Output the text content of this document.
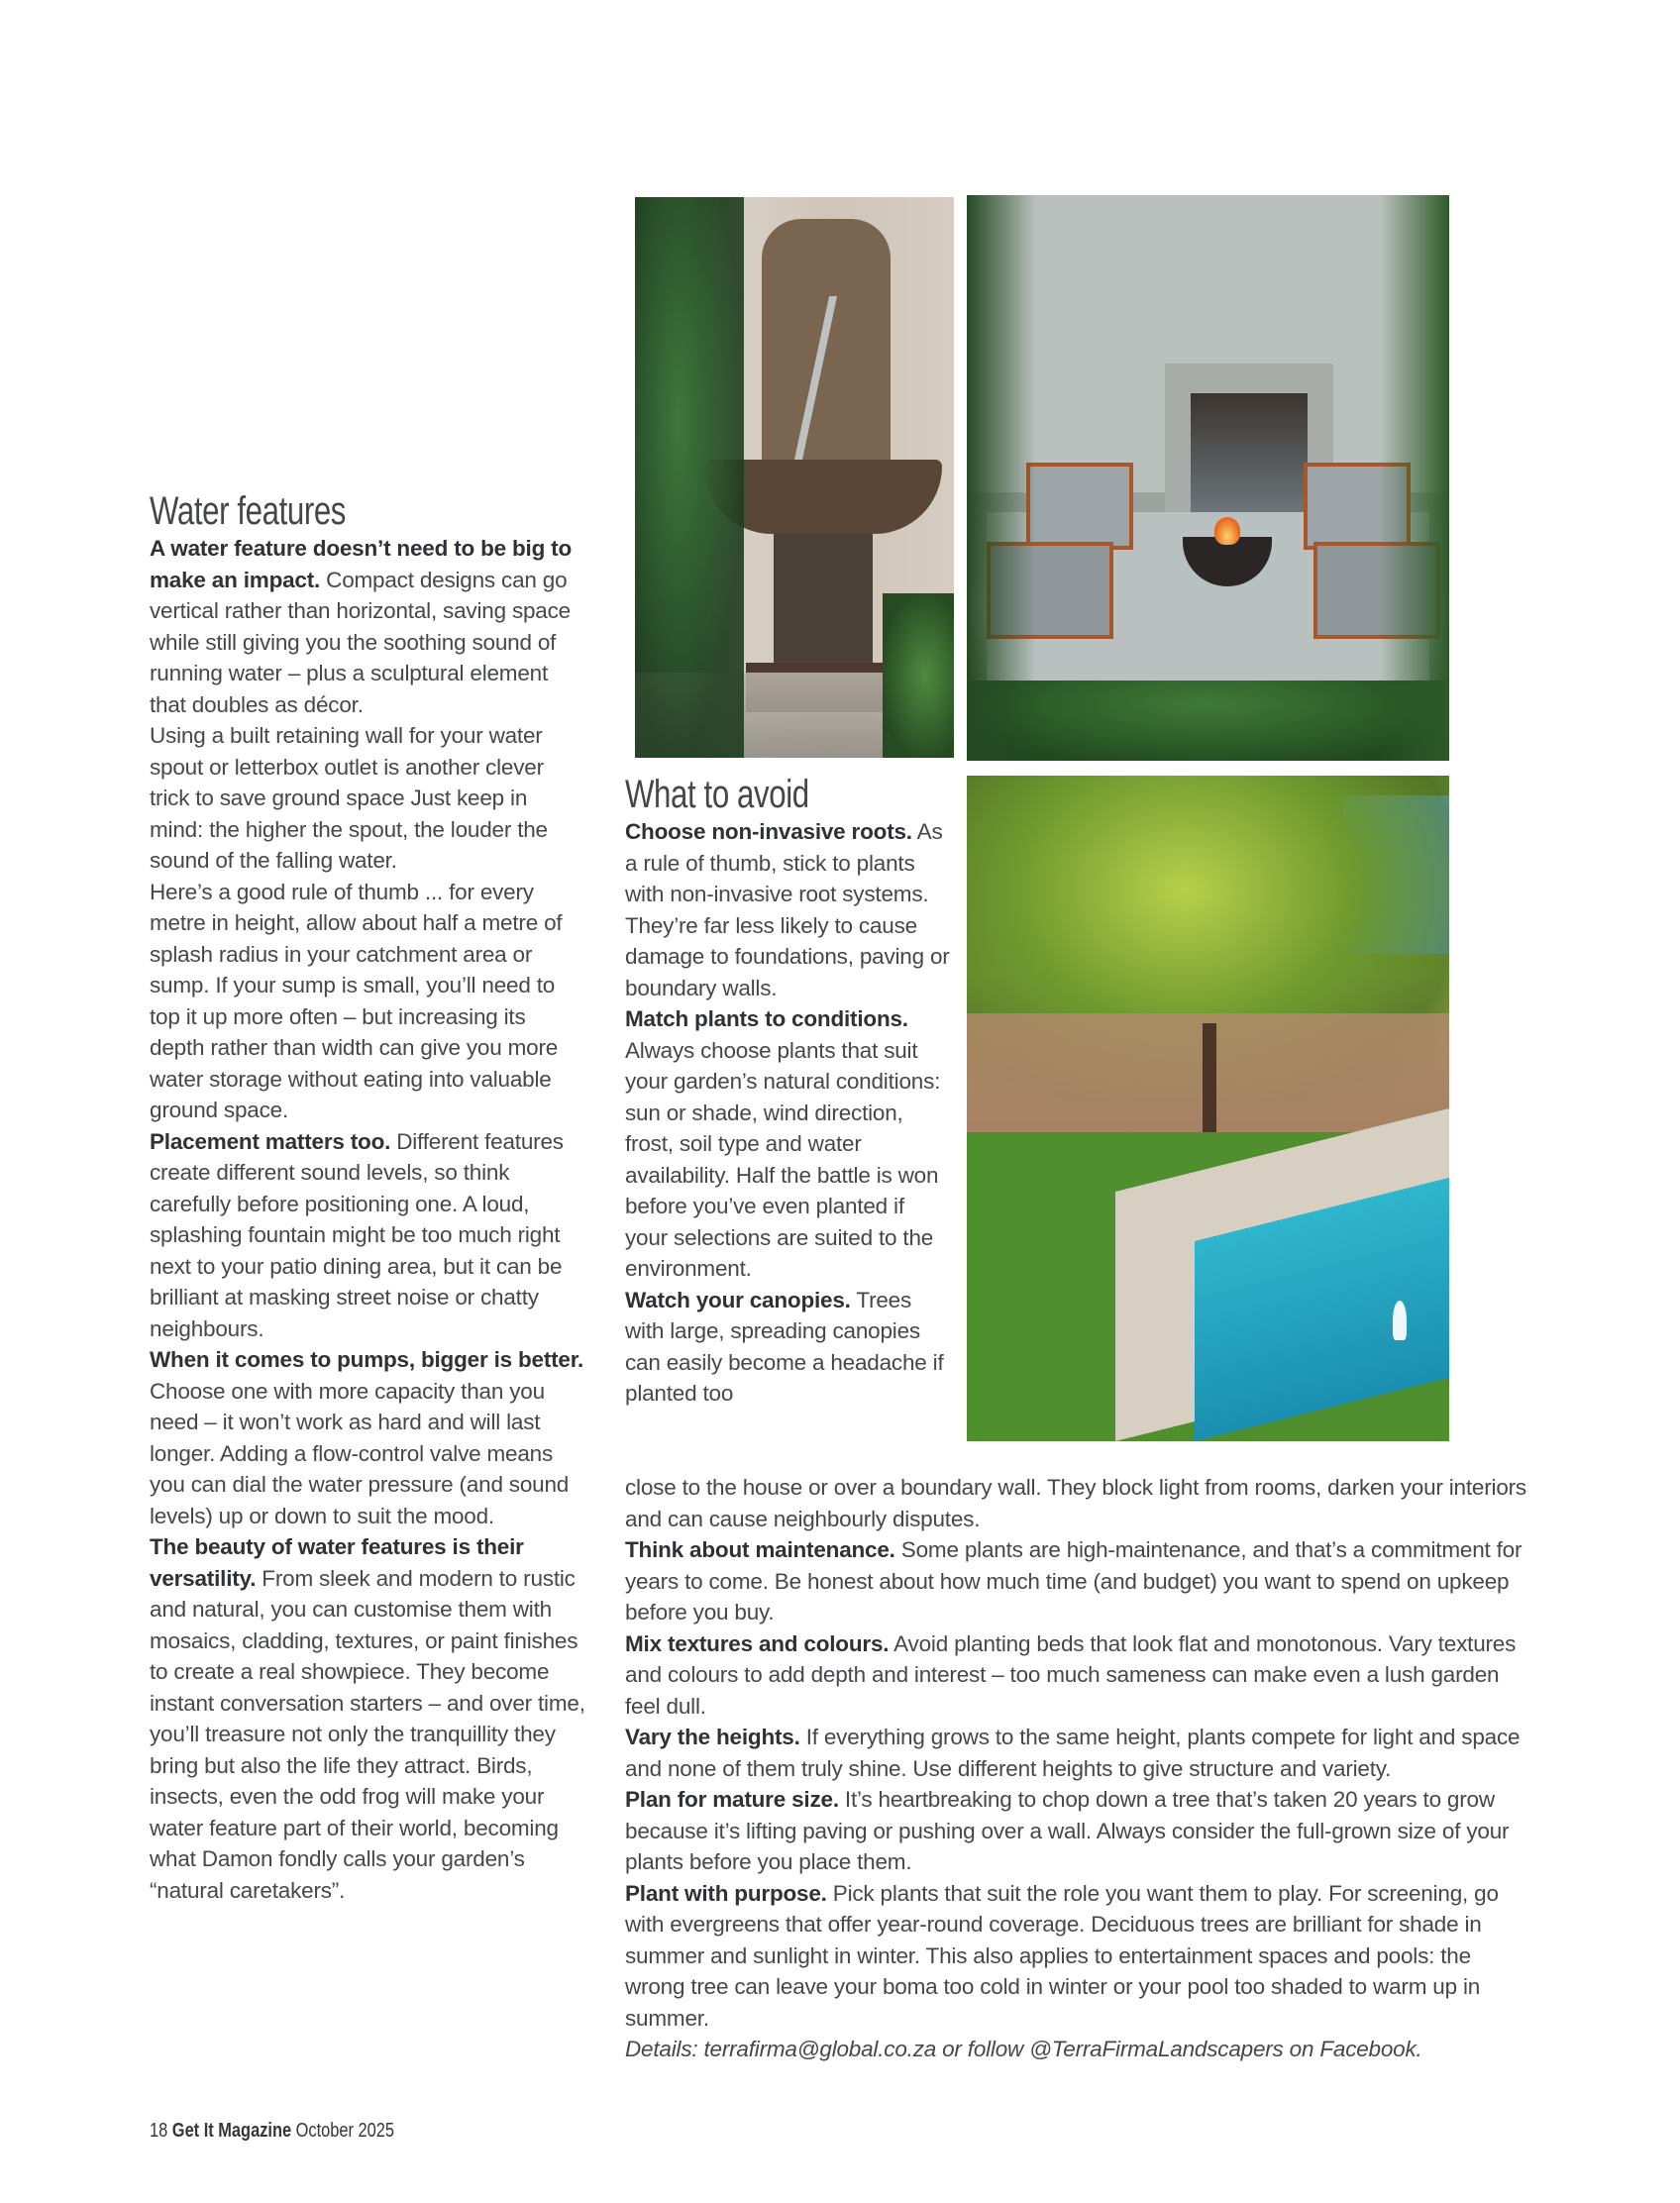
Water features

A water feature doesn’t need to be big to make an impact. Compact designs can go vertical rather than horizontal, saving space while still giving you the soothing sound of running water – plus a sculptural element that doubles as décor.

Using a built retaining wall for your water spout or letterbox outlet is another clever trick to save ground space Just keep in mind: the higher the spout, the louder the sound of the falling water.

Here’s a good rule of thumb ... for every metre in height, allow about half a metre of splash radius in your catchment area or sump. If your sump is small, you’ll need to top it up more often – but increasing its depth rather than width can give you more water storage without eating into valuable ground space.

Placement matters too. Different features create different sound levels, so think carefully before positioning one. A loud, splashing fountain might be too much right next to your patio dining area, but it can be brilliant at masking street noise or chatty neighbours.

When it comes to pumps, bigger is better. Choose one with more capacity than you need – it won’t work as hard and will last longer. Adding a flow-control valve means you can dial the water pressure (and sound levels) up or down to suit the mood.

The beauty of water features is their versatility. From sleek and modern to rustic and natural, you can customise them with mosaics, cladding, textures, or paint finishes to create a real showpiece. They become instant conversation starters – and over time, you’ll treasure not only the tranquillity they bring but also the life they attract. Birds, insects, even the odd frog will make your water feature part of their world, becoming what Damon fondly calls your garden’s “natural caretakers”.

What to avoid

Choose non-invasive roots. As a rule of thumb, stick to plants with non-invasive root systems. They’re far less likely to cause damage to foundations, paving or boundary walls.

Match plants to conditions. Always choose plants that suit your garden’s natural conditions: sun or shade, wind direction, frost, soil type and water availability. Half the battle is won before you’ve even planted if your selections are suited to the environment.

Watch your canopies. Trees with large, spreading canopies can easily become a headache if planted too

close to the house or over a boundary wall. They block light from rooms, darken your interiors and can cause neighbourly disputes.

Think about maintenance. Some plants are high-maintenance, and that’s a commitment for years to come. Be honest about how much time (and budget) you want to spend on upkeep before you buy.

Mix textures and colours. Avoid planting beds that look flat and monotonous. Vary textures and colours to add depth and interest – too much sameness can make even a lush garden feel dull.

Vary the heights. If everything grows to the same height, plants compete for light and space and none of them truly shine. Use different heights to give structure and variety.

Plan for mature size. It’s heartbreaking to chop down a tree that’s taken 20 years to grow because it’s lifting paving or pushing over a wall. Always consider the full-grown size of your plants before you place them.

Plant with purpose. Pick plants that suit the role you want them to play. For screening, go with evergreens that offer year-round coverage. Deciduous trees are brilliant for shade in summer and sunlight in winter. This also applies to entertainment spaces and pools: the wrong tree can leave your boma too cold in winter or your pool too shaded to warm up in summer.

Details: terrafirma@global.co.za or follow @TerraFirmaLandscapers on Facebook.

18 Get It Magazine October 2025
